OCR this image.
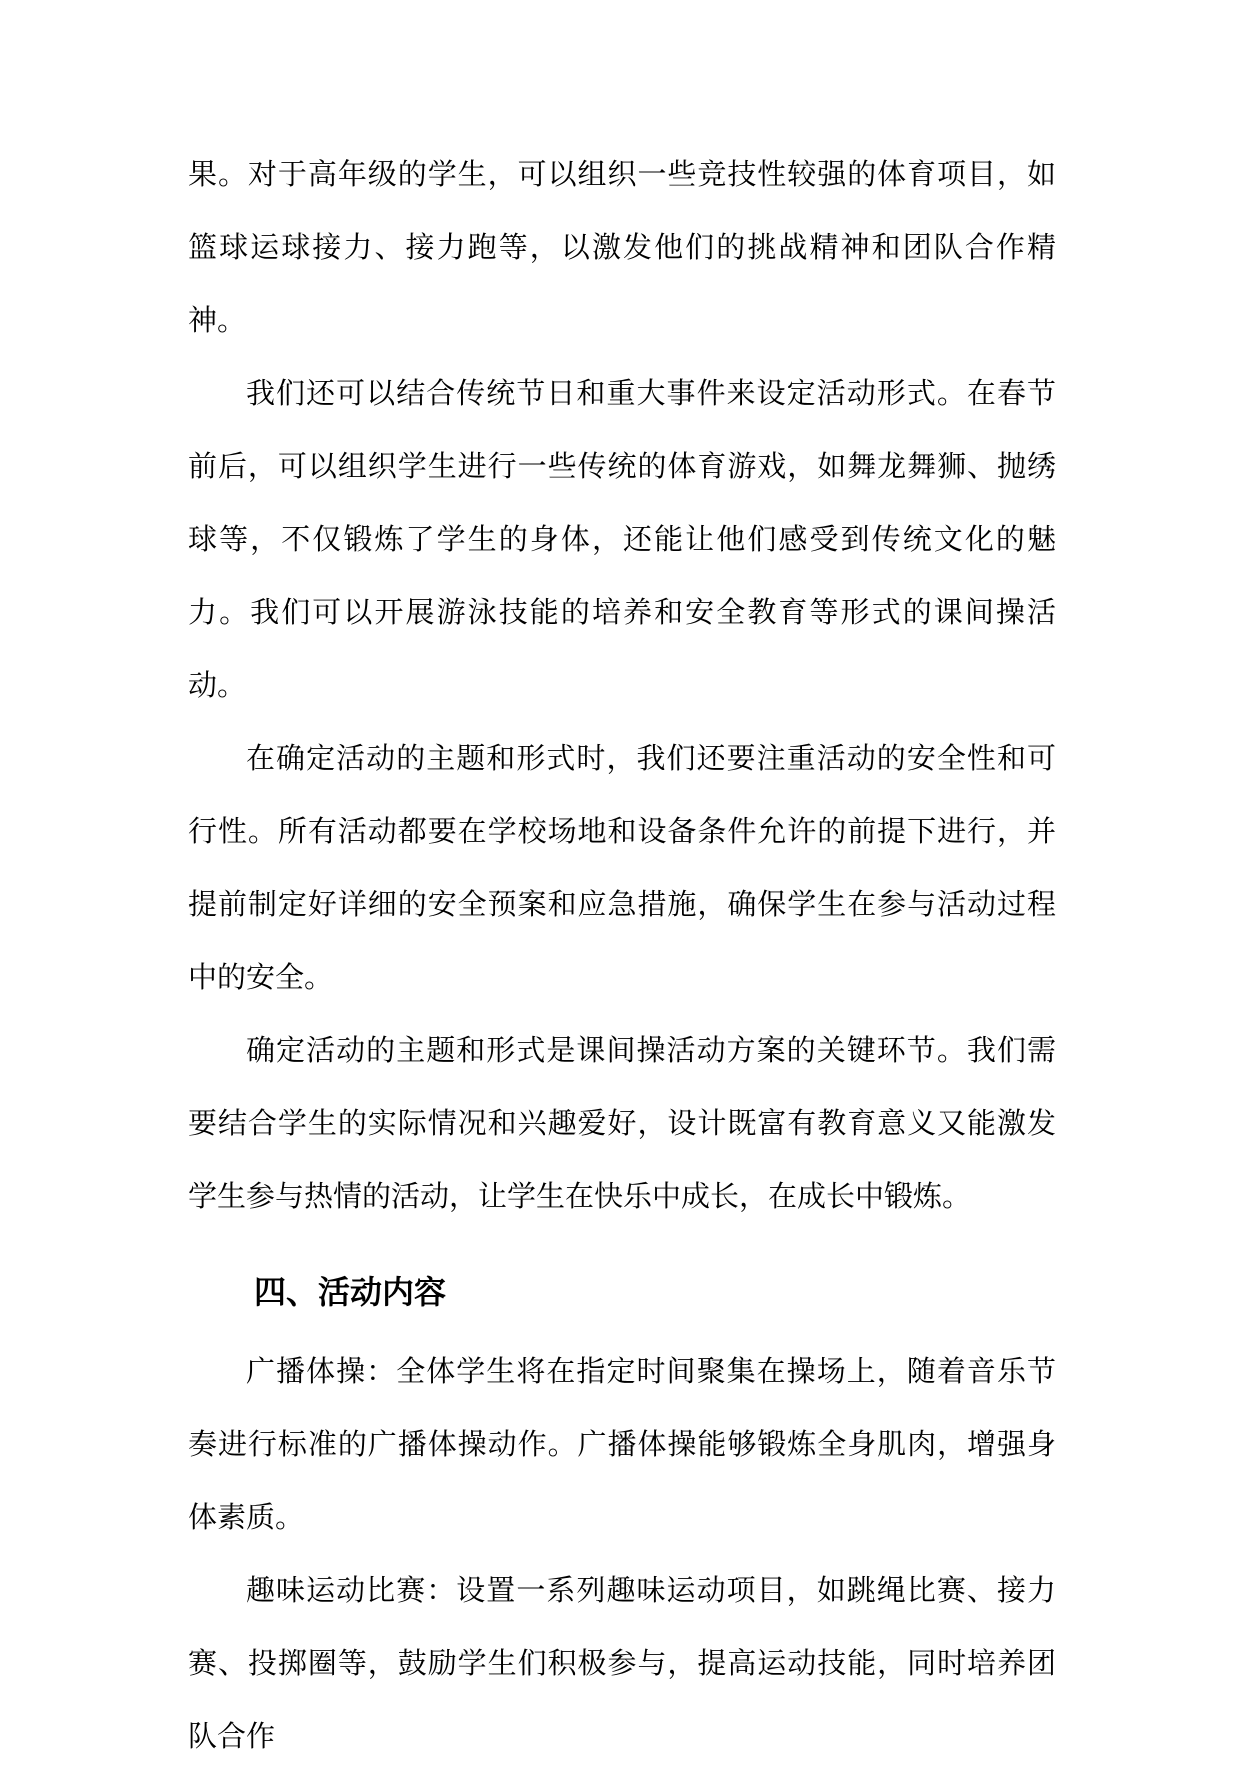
果。对于高年级的学生，可以组织一些竞技性较强的体育项目，如篮球运球接力、接力跑等，以激发他们的挑战精神和团队合作精神。

我们还可以结合传统节日和重大事件来设定活动形式。在春节前后，可以组织学生进行一些传统的体育游戏，如舞龙舞狮、抛绣球等，不仅锻炼了学生的身体，还能让他们感受到传统文化的魅力。我们可以开展游泳技能的培养和安全教育等形式的课间操活动。

在确定活动的主题和形式时，我们还要注重活动的安全性和可行性。所有活动都要在学校场地和设备条件允许的前提下进行，并提前制定好详细的安全预案和应急措施，确保学生在参与活动过程中的安全。

确定活动的主题和形式是课间操活动方案的关键环节。我们需要结合学生的实际情况和兴趣爱好，设计既富有教育意义又能激发学生参与热情的活动，让学生在快乐中成长，在成长中锻炼。

四、活动内容

广播体操：全体学生将在指定时间聚集在操场上，随着音乐节奏进行标准的广播体操动作。广播体操能够锻炼全身肌肉，增强身体素质。

趣味运动比赛：设置一系列趣味运动项目，如跳绳比赛、接力赛、投掷圈等，鼓励学生们积极参与，提高运动技能，同时培养团队合作
